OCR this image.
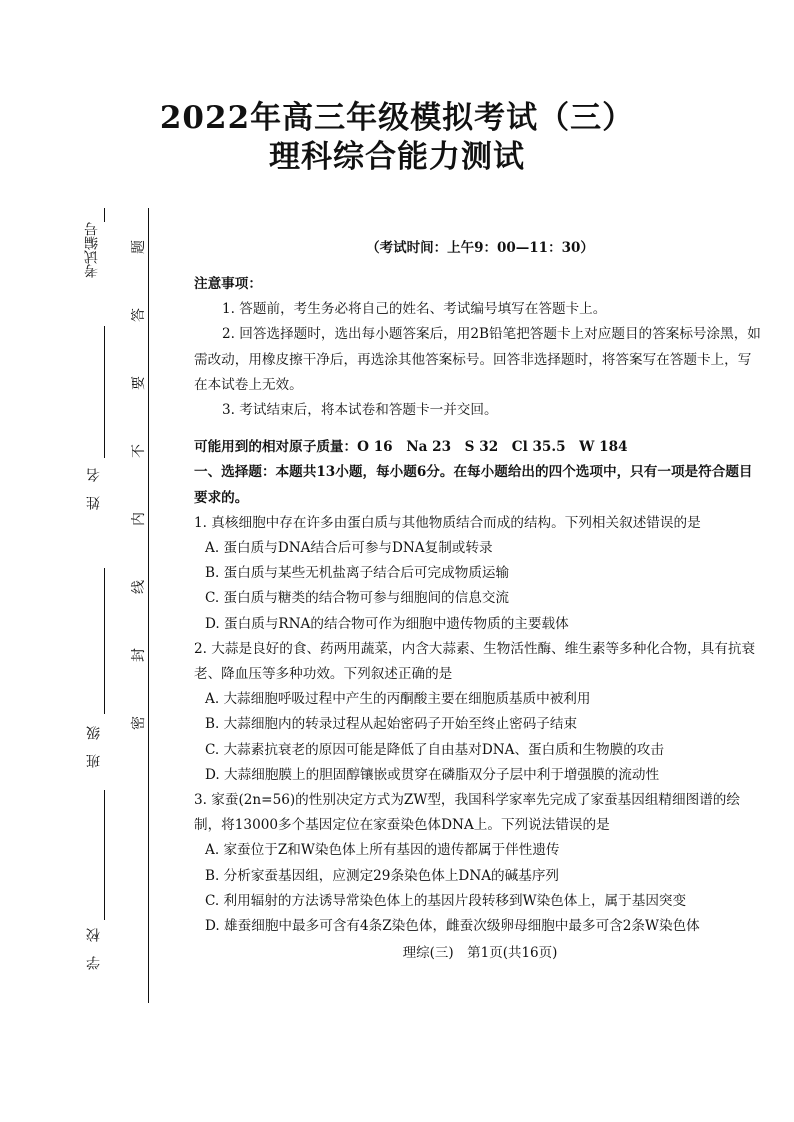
2022年高三年级模拟考试（三）
理科综合能力测试
考试编号
姓　名
班　级
学　校
密
封
线
内
不
要
答
题	（考试时间：上午9：00—11：30）

注意事项：

1. 答题前，考生务必将自己的姓名、考试编号填写在答题卡上。

2. 回答选择题时，选出每小题答案后，用2B铅笔把答题卡上对应题目的答案标号涂黑，如需改动，用橡皮擦干净后，再选涂其他答案标号。回答非选择题时，将答案写在答题卡上，写在本试卷上无效。

3. 考试结束后，将本试卷和答题卡一并交回。

可能用到的相对原子质量：O 16　Na 23　S 32　Cl 35.5　W 184

一、选择题：本题共13小题，每小题6分。在每小题给出的四个选项中，只有一项是符合题目要求的。

1. 真核细胞中存在许多由蛋白质与其他物质结合而成的结构。下列相关叙述错误的是

A. 蛋白质与DNA结合后可参与DNA复制或转录

B. 蛋白质与某些无机盐离子结合后可完成物质运输

C. 蛋白质与糖类的结合物可参与细胞间的信息交流

D. 蛋白质与RNA的结合物可作为细胞中遗传物质的主要载体

2. 大蒜是良好的食、药两用蔬菜，内含大蒜素、生物活性酶、维生素等多种化合物，具有抗衰老、降血压等多种功效。下列叙述正确的是

A. 大蒜细胞呼吸过程中产生的丙酮酸主要在细胞质基质中被利用

B. 大蒜细胞内的转录过程从起始密码子开始至终止密码子结束

C. 大蒜素抗衰老的原因可能是降低了自由基对DNA、蛋白质和生物膜的攻击

D. 大蒜细胞膜上的胆固醇镶嵌或贯穿在磷脂双分子层中利于增强膜的流动性

3. 家蚕(2n=56)的性别决定方式为ZW型，我国科学家率先完成了家蚕基因组精细图谱的绘制，将13000多个基因定位在家蚕染色体DNA上。下列说法错误的是

A. 家蚕位于Z和W染色体上所有基因的遗传都属于伴性遗传

B. 分析家蚕基因组，应测定29条染色体上DNA的碱基序列

C. 利用辐射的方法诱导常染色体上的基因片段转移到W染色体上，属于基因突变

D. 雄蚕细胞中最多可含有4条Z染色体，雌蚕次级卵母细胞中最多可含2条W染色体

理综(三)　第1页(共16页)
